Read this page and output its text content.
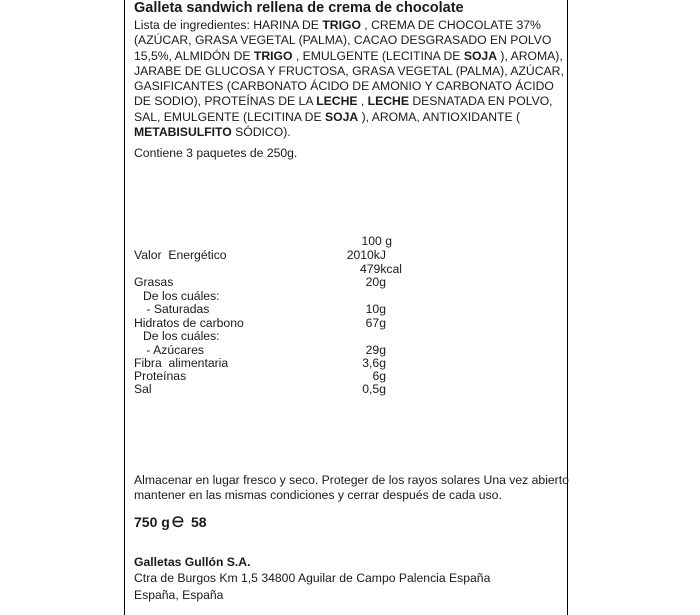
Galleta sandwich rellena de crema de chocolate
Lista de ingredientes: HARINA DE TRIGO , CREMA DE CHOCOLATE 37%
(AZÚCAR, GRASA VEGETAL (PALMA), CACAO DESGRASADO EN POLVO
15,5%, ALMIDÓN DE TRIGO , EMULGENTE (LECITINA DE SOJA ), AROMA),
JARABE DE GLUCOSA Y FRUCTOSA, GRASA VEGETAL (PALMA), AZÚCAR,
GASIFICANTES (CARBONATO ÁCIDO DE AMONIO Y CARBONATO ÁCIDO
DE SODIO), PROTEÍNAS DE LA LECHE , LECHE DESNATADA EN POLVO,
SAL, EMULGENTE (LECITINA DE SOJA ), AROMA, ANTIOXIDANTE (
METABISULFITO SÓDICO).
Contiene 3 paquetes de 250g.
100 g
Valor  Energético	2010kJ
479kcal
Grasas	20g
De los cuáles:
- Saturadas	10g
Hidratos de carbono	67g
De los cuáles:
- Azúcares	29g
Fibra  alimentaria	3,6g
Proteínas	6g
Sal	0,5g
Almacenar en lugar fresco y seco. Proteger de los rayos solares Una vez abierto
mantener en las mismas condiciones y cerrar después de cada uso.
750 g 58
Galletas Gullón S.A.
Ctra de Burgos Km 1,5 34800 Aguilar de Campo Palencia España
España, España
